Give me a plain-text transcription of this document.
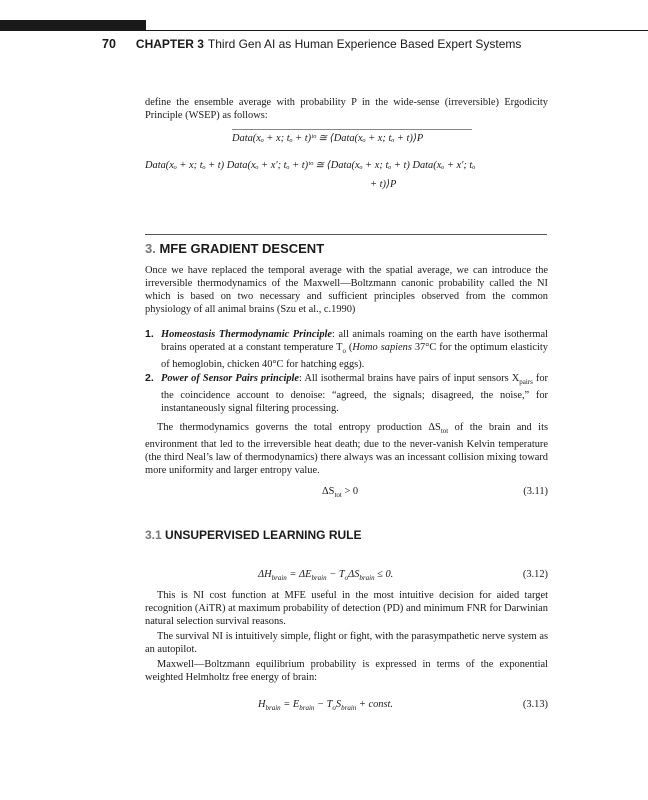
70 CHAPTER 3 Third Gen AI as Human Experience Based Expert Systems
define the ensemble average with probability P in the wide-sense (irreversible) Ergodicity Principle (WSEP) as follows:
Data(xₒ + x; tₒ + t)ᵗᵒ ≅ ⟨Data(xₒ + x; tₒ + t)⟩P
Data(xₒ + x; tₒ + t) Data(xₒ + x′; tₒ + t)ᵗᵒ ≅ ⟨Data(xₒ + x; tₒ + t) Data(xₒ + x′; tₒ
+ t)⟩P
3. MFE GRADIENT DESCENT
Once we have replaced the temporal average with the spatial average, we can introduce the irreversible thermodynamics of the Maxwell—Boltzmann canonic probability called the NI which is based on two necessary and sufficient principles observed from the common physiology of all animal brains (Szu et al., c.1990)
1. Homeostasis Thermodynamic Principle: all animals roaming on the earth have isothermal brains operated at a constant temperature $T_o$ (Homo sapiens 37°C for the optimum elasticity of hemoglobin, chicken 40°C for hatching eggs).
2. Power of Sensor Pairs principle: All isothermal brains have pairs of input sensors $X_{pairs}$ for the coincidence account to denoise: “agreed, the signals; disagreed, the noise,” for instantaneously signal filtering processing.
The thermodynamics governs the total entropy production $\Delta S_{tot}$ of the brain and its environment that led to the irreversible heat death; due to the never-vanish Kelvin temperature (the third Neal’s law of thermodynamics) there always was an incessant collision mixing toward more uniformity and larger entropy value.
$\Delta S_{tot} > 0$	(3.11)
3.1 UNSUPERVISED LEARNING RULE
$\Delta H_{brain} = \Delta E_{brain} - T_o\Delta S_{brain} \le 0$.	(3.12)
This is NI cost function at MFE useful in the most intuitive decision for aided target recognition (AiTR) at maximum probability of detection (PD) and minimum FNR for Darwinian natural selection survival reasons.
The survival NI is intuitively simple, flight or fight, with the parasympathetic nerve system as an autopilot.
Maxwell—Boltzmann equilibrium probability is expressed in terms of the exponential weighted Helmholtz free energy of brain:
$H_{brain} = E_{brain} - T_oS_{brain}$ + const.	(3.13)
